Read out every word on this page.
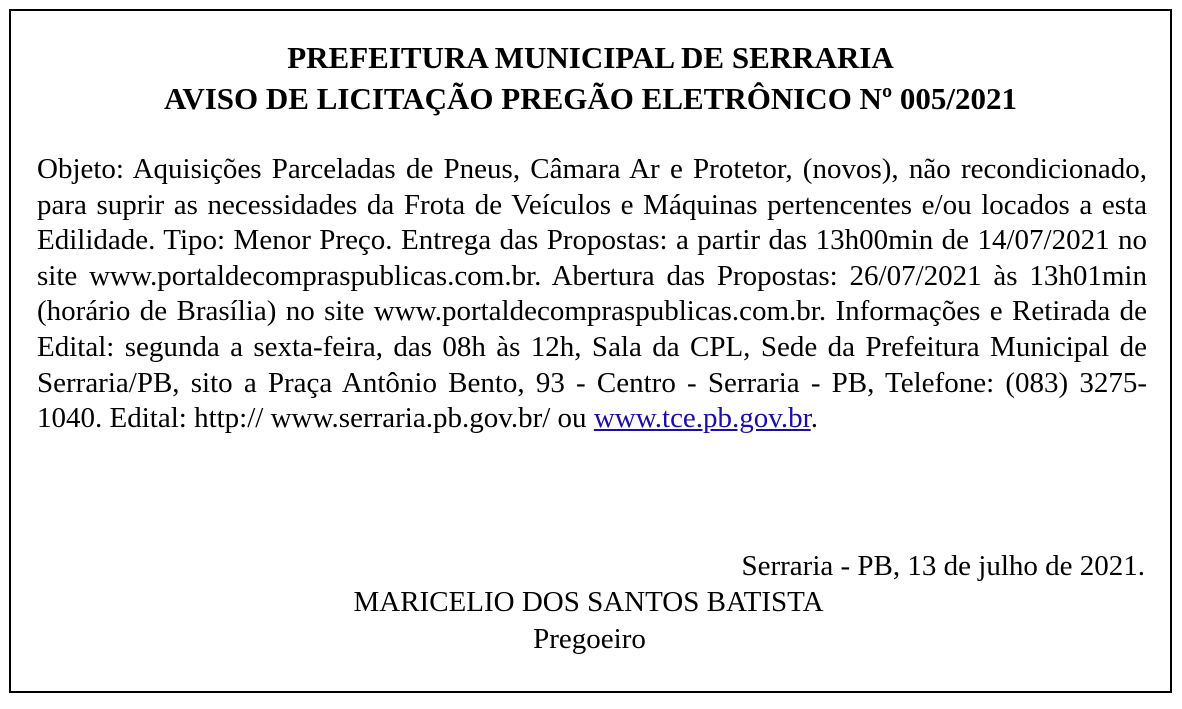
PREFEITURA MUNICIPAL DE SERRARIA
AVISO DE LICITAÇÃO PREGÃO ELETRÔNICO Nº 005/2021

Objeto: Aquisições Parceladas de Pneus, Câmara Ar e Protetor, (novos), não recondicionado, para suprir as necessidades da Frota de Veículos e Máquinas pertencentes e/ou locados a esta Edilidade. Tipo: Menor Preço. Entrega das Propostas: a partir das 13h00min de 14/07/2021 no site www.portaldecompraspublicas.com.br. Abertura das Propostas: 26/07/2021 às 13h01min (horário de Brasília) no site www.portaldecompraspublicas.com.br. Informações e Retirada de Edital: segunda a sexta-feira, das 08h às 12h, Sala da CPL, Sede da Prefeitura Municipal de Serraria/PB, sito a Praça Antônio Bento, 93 - Centro - Serraria - PB, Telefone: (083) 3275-1040. Edital: http:// www.serraria.pb.gov.br/ ou www.tce.pb.gov.br.

Serraria - PB, 13 de julho de 2021.
MARICELIO DOS SANTOS BATISTA
Pregoeiro
